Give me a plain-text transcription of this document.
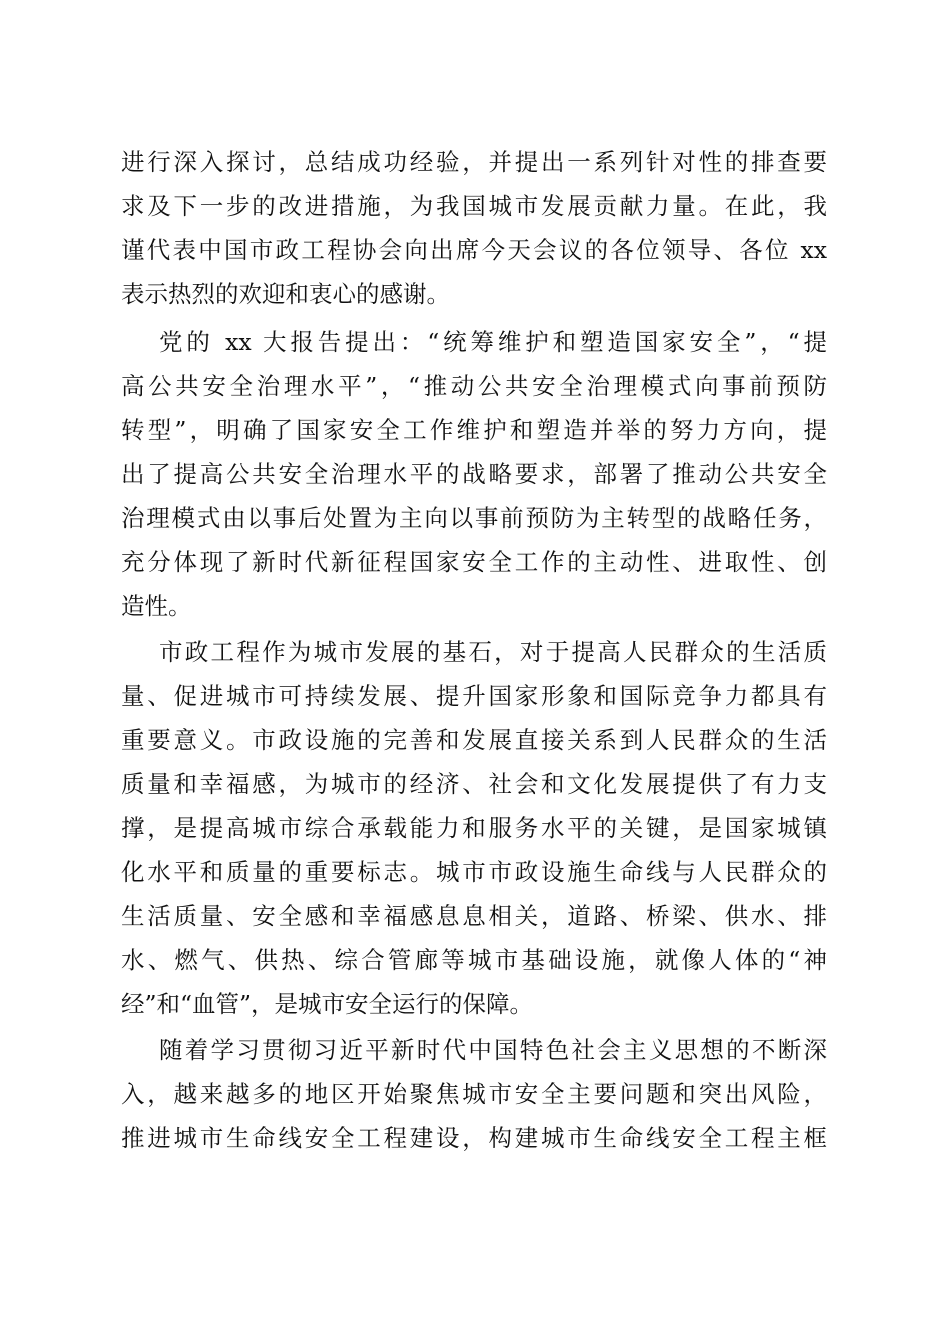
进行深入探讨，总结成功经验，并提出一系列针对性的排查要
求及下一步的改进措施，为我国城市发展贡献力量。在此，我
谨代表中国市政工程协会向出席今天会议的各位领导、各位 xx
表示热烈的欢迎和衷心的感谢。
党的 xx 大报告提出：“统筹维护和塑造国家安全”，“提
高公共安全治理水平”，“推动公共安全治理模式向事前预防
转型”，明确了国家安全工作维护和塑造并举的努力方向，提
出了提高公共安全治理水平的战略要求，部署了推动公共安全
治理模式由以事后处置为主向以事前预防为主转型的战略任务，
充分体现了新时代新征程国家安全工作的主动性、进取性、创
造性。
市政工程作为城市发展的基石，对于提高人民群众的生活质
量、促进城市可持续发展、提升国家形象和国际竞争力都具有
重要意义。市政设施的完善和发展直接关系到人民群众的生活
质量和幸福感，为城市的经济、社会和文化发展提供了有力支
撑，是提高城市综合承载能力和服务水平的关键，是国家城镇
化水平和质量的重要标志。城市市政设施生命线与人民群众的
生活质量、安全感和幸福感息息相关，道路、桥梁、供水、排
水、燃气、供热、综合管廊等城市基础设施，就像人体的“神
经”和“血管”，是城市安全运行的保障。
随着学习贯彻习近平新时代中国特色社会主义思想的不断深
入，越来越多的地区开始聚焦城市安全主要问题和突出风险，
推进城市生命线安全工程建设，构建城市生命线安全工程主框
